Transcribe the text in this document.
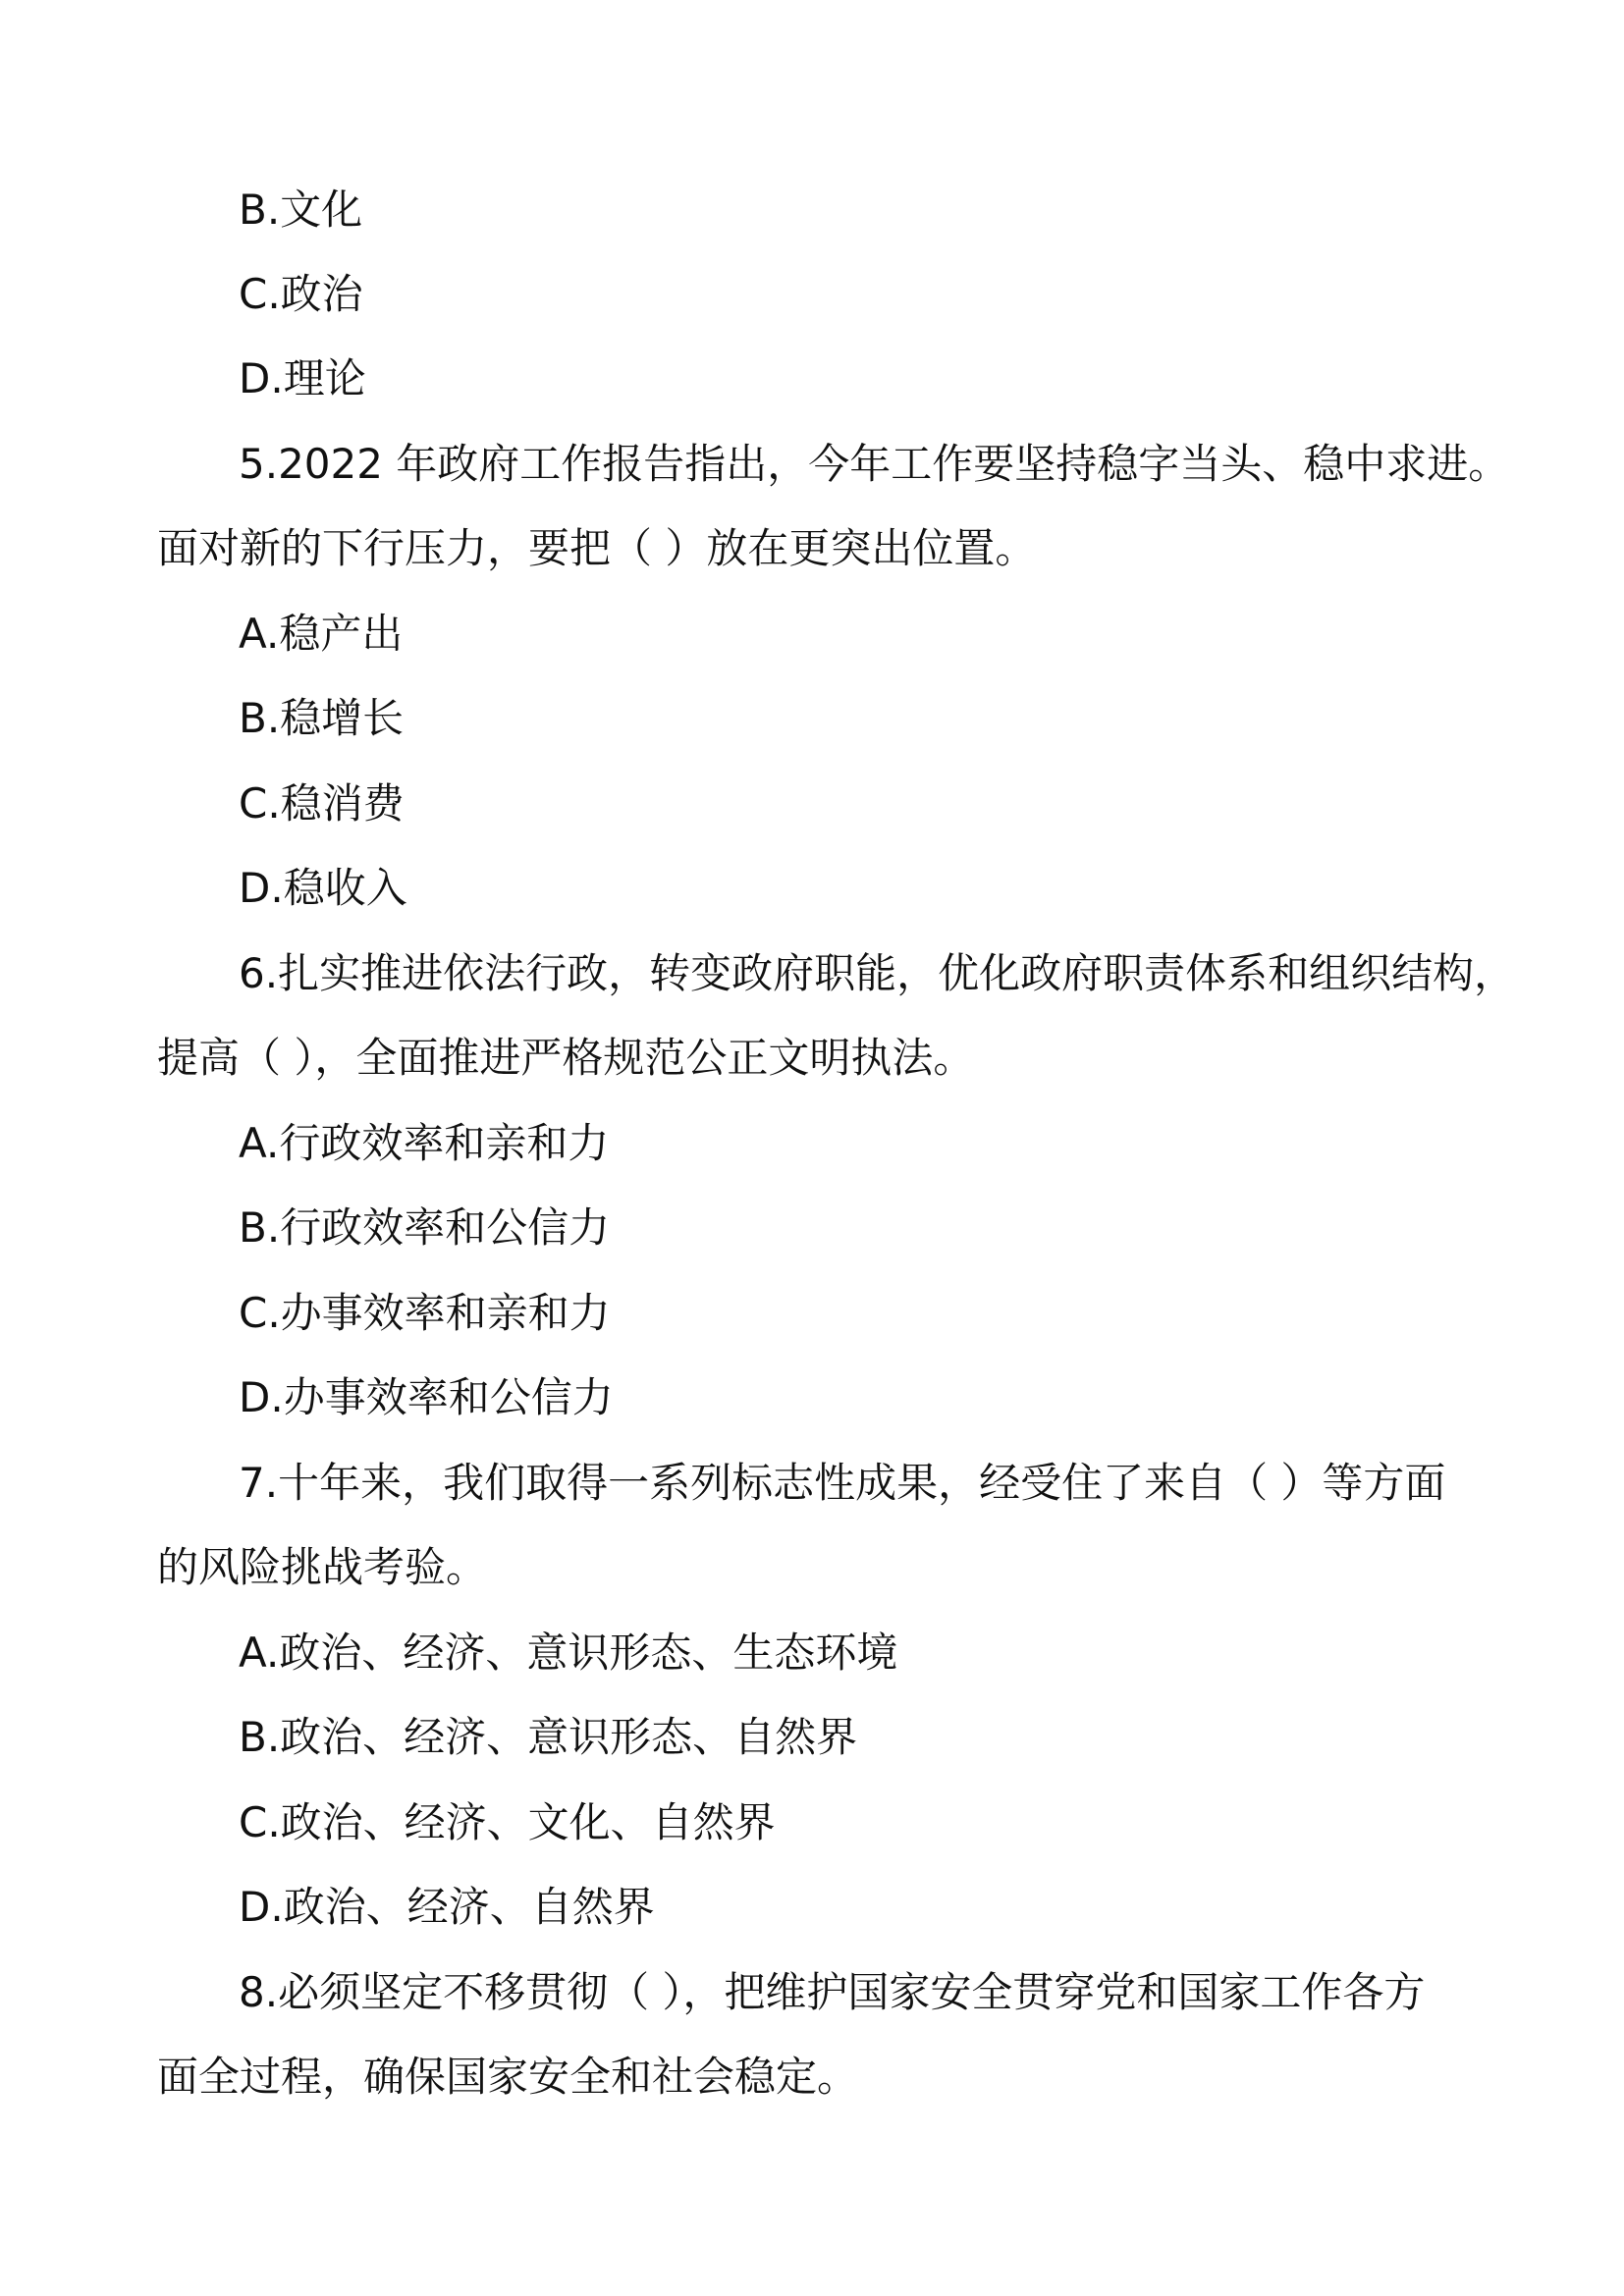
B.文化
C.政治
D.理论
5.2022 年政府工作报告指出，今年工作要坚持稳字当头、稳中求进。
面对新的下行压力，要把（ ）放在更突出位置。
A.稳产出
B.稳增长
C.稳消费
D.稳收入
6.扎实推进依法行政，转变政府职能，优化政府职责体系和组织结构，
提高（ ），全面推进严格规范公正文明执法。
A.行政效率和亲和力
B.行政效率和公信力
C.办事效率和亲和力
D.办事效率和公信力
7.十年来，我们取得一系列标志性成果，经受住了来自（ ）等方面
的风险挑战考验。
A.政治、经济、意识形态、生态环境
B.政治、经济、意识形态、自然界
C.政治、经济、文化、自然界
D.政治、经济、自然界
8.必须坚定不移贯彻（ ），把维护国家安全贯穿党和国家工作各方
面全过程，确保国家安全和社会稳定。
